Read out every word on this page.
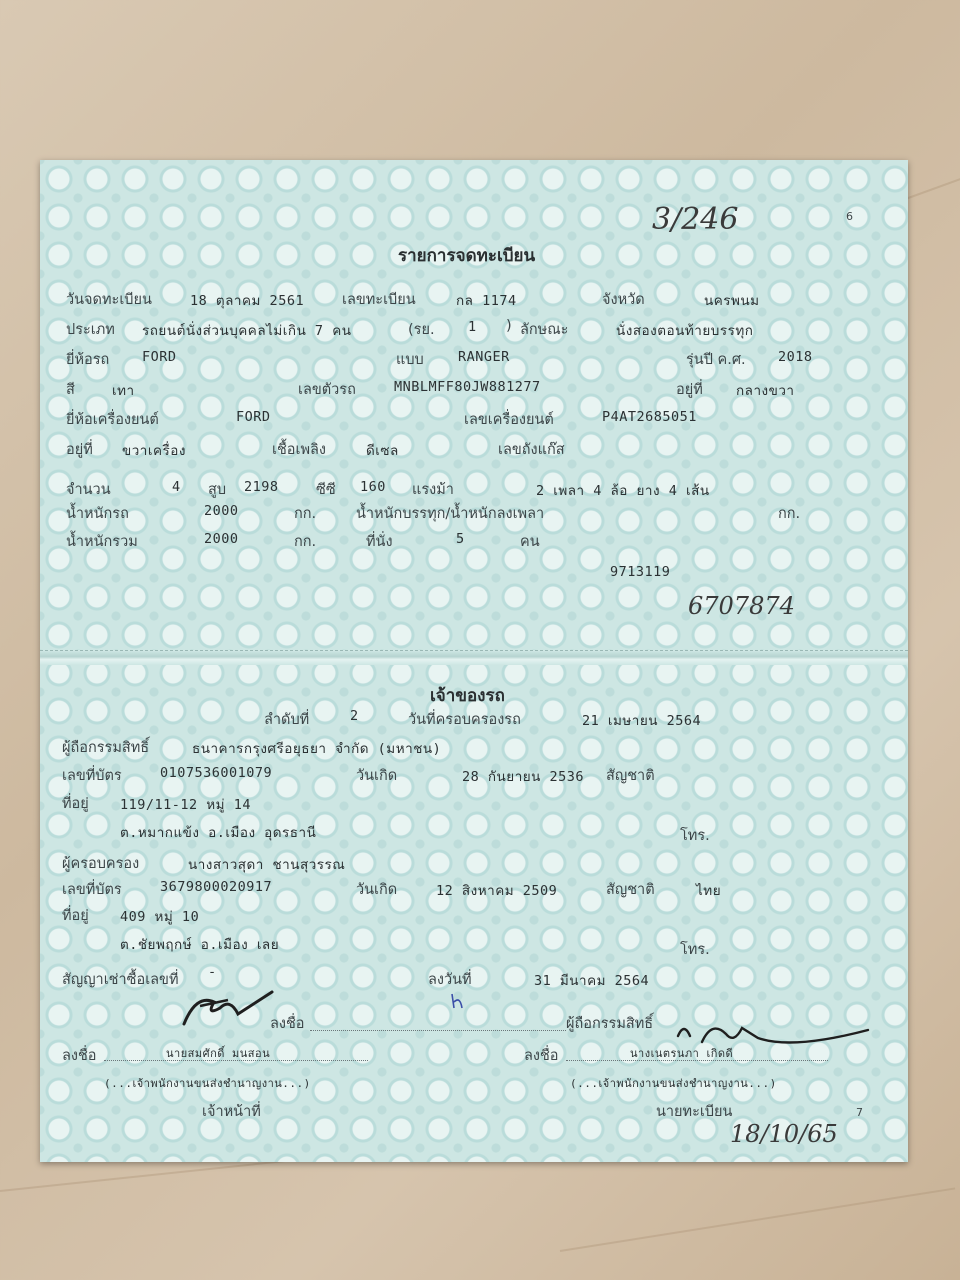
3/246	6
รายการจดทะเบียน
วันจดทะเบียน	18 ตุลาคม 2561	เลขทะเบียน	กล 1174	จังหวัด	นครพนม
ประเภท รถยนต์นั่งส่วนบุคคลไม่เกิน 7 คน	(รย. 1 ) ลักษณะ	นั่งสองตอนท้ายบรรทุก
ยี่ห้อรถ FORD	แบบ	RANGER	รุ่นปี ค.ศ. 2018
สี	เทา	เลขตัวรถ	MNBLMFF80JW881277	อยู่ที่ กลางขวา
ยี่ห้อเครื่องยนต์	FORD	เลขเครื่องยนต์	P4AT2685051
อยู่ที่ ขวาเครื่อง	เชื้อเพลิง	ดีเซล	เลขถังแก๊ส
จำนวน	4 สูบ 2198	ซีซี 160 แรงม้า	2 เพลา 4 ล้อ ยาง 4 เส้น
น้ำหนักรถ	2000	กก.	น้ำหนักบรรทุก/น้ำหนักลงเพลา	กก.
น้ำหนักรวม	2000	กก.	ที่นั่ง	5	คน
9713119
6707874
เจ้าของรถ
ลำดับที่	2	วันที่ครอบครองรถ	21 เมษายน 2564
ผู้ถือกรรมสิทธิ์	ธนาคารกรุงศรีอยุธยา จำกัด (มหาชน)
เลขที่บัตร	0107536001079	วันเกิด	28 กันยายน 2536 สัญชาติ
ที่อยู่ 119/11-12 หมู่ 14
ต.หมากแข้ง อ.เมือง อุดรธานี	โทร.
ผู้ครอบครอง	นางสาวสุดา ชานสุวรรณ
เลขที่บัตร	3679800020917	วันเกิด	12 สิงหาคม 2509	สัญชาติ	ไทย
ที่อยู่ 409 หมู่ 10
ต.ชัยพฤกษ์ อ.เมือง เลย	โทร.
สัญญาเช่าซื้อเลขที่ -	ลงวันที่	31 มีนาคม 2564
ลงชื่อ	ผู้ถือกรรมสิทธิ์
ลงชื่อ	นายสมศักดิ์ มนสอน	ลงชื่อ	นางเนตรนภา เกิดดี
(...เจ้าพนักงานขนส่งชำนาญงาน...)	(...เจ้าพนักงานขนส่งชำนาญงาน...)
เจ้าหน้าที่	นายทะเบียน
18/10/65
7
